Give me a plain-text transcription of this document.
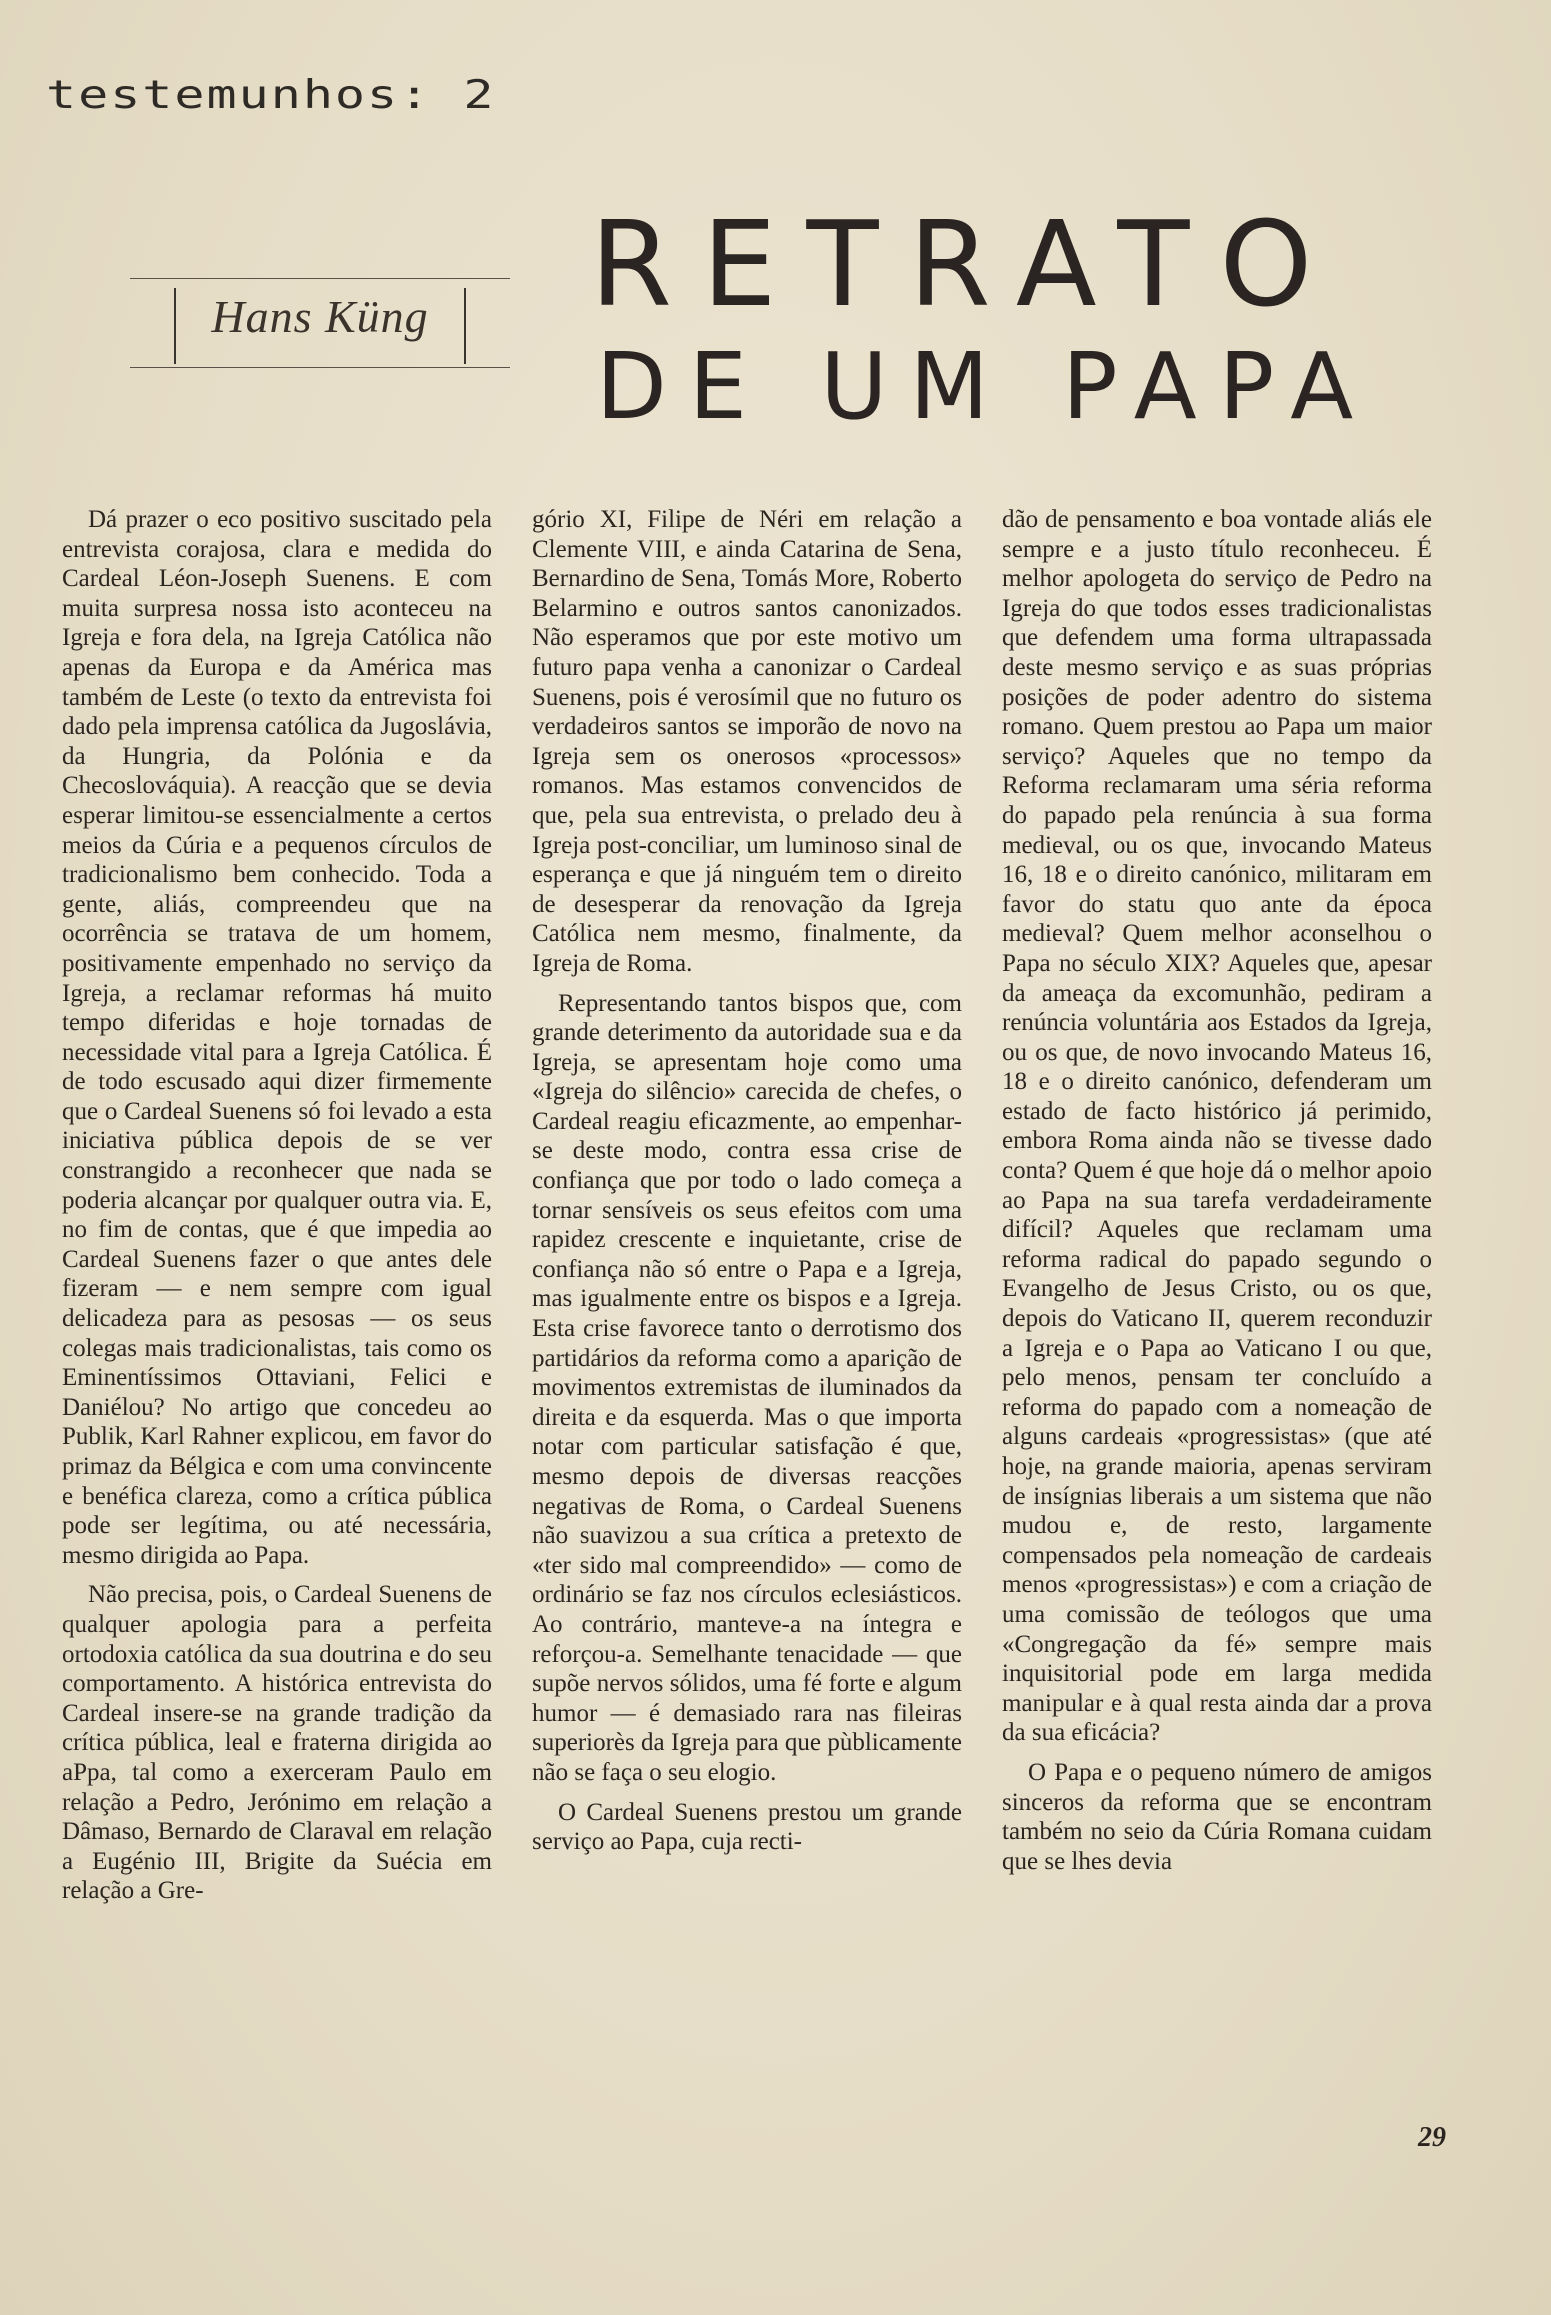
testemunhos: 2
Hans Küng RETRATO
DE UM PAPA

Dá prazer o eco positivo suscitado pela entrevista corajosa, clara e medida do Cardeal Léon-Joseph Suenens. E com muita surpresa nossa isto aconteceu na Igreja e fora dela, na Igreja Católica não apenas da Europa e da América mas também de Leste (o texto da entrevista foi dado pela imprensa católica da Jugoslávia, da Hungria, da Polónia e da Checoslováquia). A reacção que se devia esperar limitou-se essencialmente a certos meios da Cúria e a pequenos círculos de tradicionalismo bem conhecido. Toda a gente, aliás, compreendeu que na ocorrência se tratava de um homem, positivamente empenhado no serviço da Igreja, a reclamar reformas há muito tempo diferidas e hoje tornadas de necessidade vital para a Igreja Católica. É de todo escusado aqui dizer firmemente que o Cardeal Suenens só foi levado a esta iniciativa pública depois de se ver constrangido a reconhecer que nada se poderia alcançar por qualquer outra via. E, no fim de contas, que é que impedia ao Cardeal Suenens fazer o que antes dele fizeram — e nem sempre com igual delicadeza para as pesosas — os seus colegas mais tradicionalistas, tais como os Eminentíssimos Ottaviani, Felici e Daniélou? No artigo que concedeu ao Publik, Karl Rahner explicou, em favor do primaz da Bélgica e com uma convincente e benéfica clareza, como a crítica pública pode ser legítima, ou até necessária, mesmo dirigida ao Papa.

Não precisa, pois, o Cardeal Suenens de qualquer apologia para a perfeita ortodoxia católica da sua doutrina e do seu comportamento. A histórica entrevista do Cardeal insere-se na grande tradição da crítica pública, leal e fraterna dirigida ao aPpa, tal como a exerceram Paulo em relação a Pedro, Jerónimo em relação a Dâmaso, Bernardo de Claraval em relação a Eugénio III, Brigite da Suécia em relação a Gre-

gório XI, Filipe de Néri em relação a Clemente VIII, e ainda Catarina de Sena, Bernardino de Sena, Tomás More, Roberto Belarmino e outros santos canonizados. Não esperamos que por este motivo um futuro papa venha a canonizar o Cardeal Suenens, pois é verosímil que no futuro os verdadeiros santos se imporão de novo na Igreja sem os onerosos «processos» romanos. Mas estamos convencidos de que, pela sua entrevista, o prelado deu à Igreja post-conciliar, um luminoso sinal de esperança e que já ninguém tem o direito de desesperar da renovação da Igreja Católica nem mesmo, finalmente, da Igreja de Roma.

Representando tantos bispos que, com grande deterimento da autoridade sua e da Igreja, se apresentam hoje como uma «Igreja do silêncio» carecida de chefes, o Cardeal reagiu eficazmente, ao empenhar-se deste modo, contra essa crise de confiança que por todo o lado começa a tornar sensíveis os seus efeitos com uma rapidez crescente e inquietante, crise de confiança não só entre o Papa e a Igreja, mas igualmente entre os bispos e a Igreja. Esta crise favorece tanto o derrotismo dos partidários da reforma como a aparição de movimentos extremistas de iluminados da direita e da esquerda. Mas o que importa notar com particular satisfação é que, mesmo depois de diversas reacções negativas de Roma, o Cardeal Suenens não suavizou a sua crítica a pretexto de «ter sido mal compreendido» — como de ordinário se faz nos círculos eclesiásticos. Ao contrário, manteve-a na íntegra e reforçou-a. Semelhante tenacidade — que supõe nervos sólidos, uma fé forte e algum humor — é demasiado rara nas fileiras superiorès da Igreja para que pùblicamente não se faça o seu elogio.

O Cardeal Suenens prestou um grande serviço ao Papa, cuja recti-

dão de pensamento e boa vontade aliás ele sempre e a justo título reconheceu. É melhor apologeta do serviço de Pedro na Igreja do que todos esses tradicionalistas que defendem uma forma ultrapassada deste mesmo serviço e as suas próprias posições de poder adentro do sistema romano. Quem prestou ao Papa um maior serviço? Aqueles que no tempo da Reforma reclamaram uma séria reforma do papado pela renúncia à sua forma medieval, ou os que, invocando Mateus 16, 18 e o direito canónico, militaram em favor do statu quo ante da época medieval? Quem melhor aconselhou o Papa no século XIX? Aqueles que, apesar da ameaça da excomunhão, pediram a renúncia voluntária aos Estados da Igreja, ou os que, de novo invocando Mateus 16, 18 e o direito canónico, defenderam um estado de facto histórico já perimido, embora Roma ainda não se tivesse dado conta? Quem é que hoje dá o melhor apoio ao Papa na sua tarefa verdadeiramente difícil? Aqueles que reclamam uma reforma radical do papado segundo o Evangelho de Jesus Cristo, ou os que, depois do Vaticano II, querem reconduzir a Igreja e o Papa ao Vaticano I ou que, pelo menos, pensam ter concluído a reforma do papado com a nomeação de alguns cardeais «progressistas» (que até hoje, na grande maioria, apenas serviram de insígnias liberais a um sistema que não mudou e, de resto, largamente compensados pela nomeação de cardeais menos «progressistas») e com a criação de uma comissão de teólogos que uma «Congregação da fé» sempre mais inquisitorial pode em larga medida manipular e à qual resta ainda dar a prova da sua eficácia?

O Papa e o pequeno número de amigos sinceros da reforma que se encontram também no seio da Cúria Romana cuidam que se lhes devia

29
